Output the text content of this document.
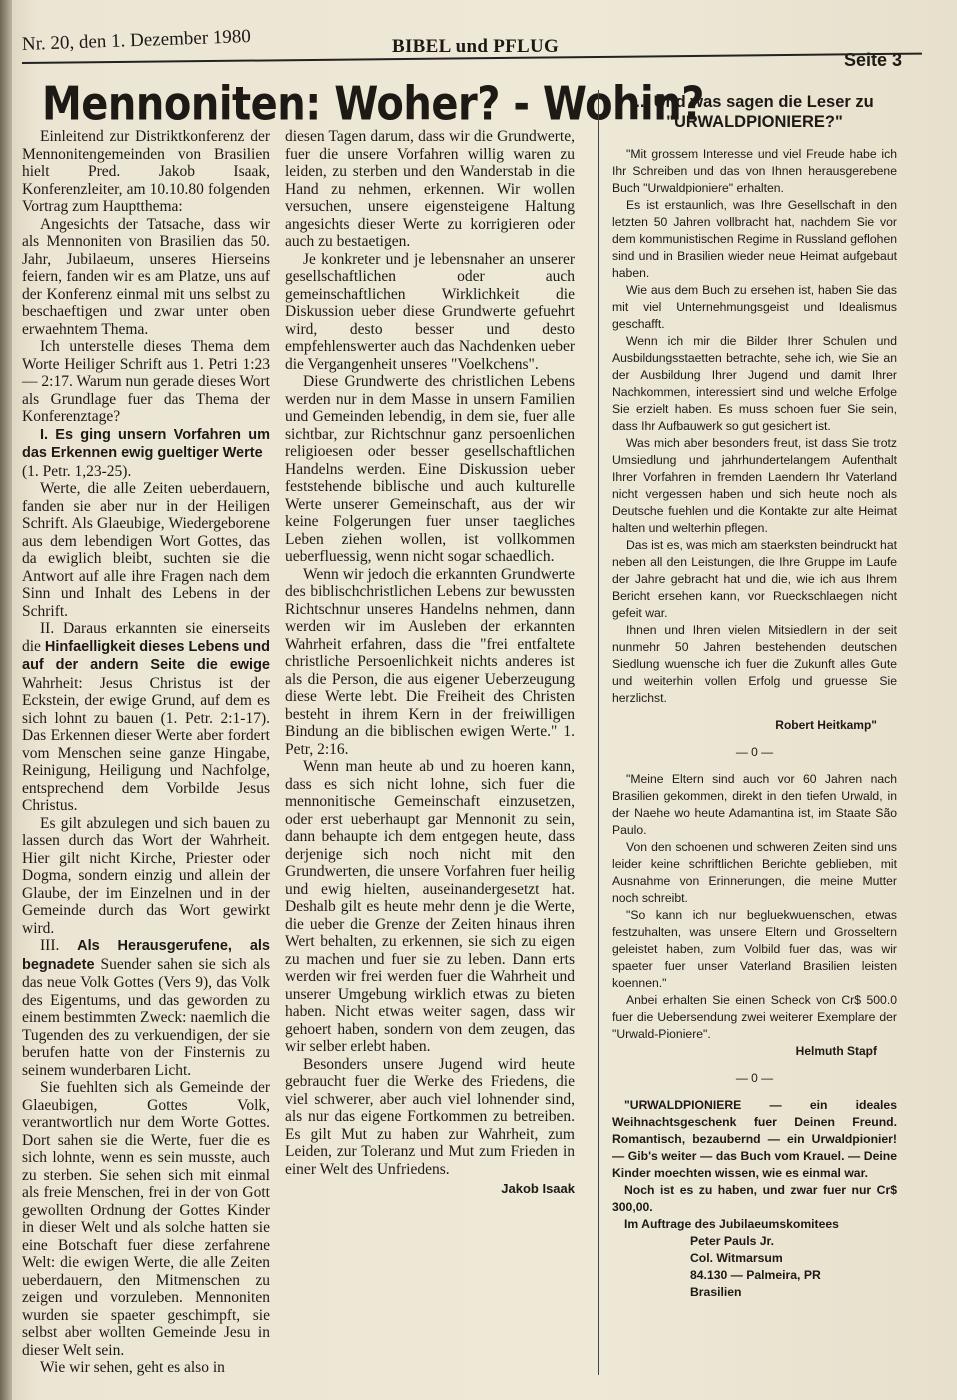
Nr. 20, den 1. Dezember 1980	BIBEL und PFLUG
Seite 3
Mennoniten: Woher? - Wohin?

Einleitend zur Distriktkonferenz der Mennonitengemeinden von Brasilien hielt Pred. Jakob Isaak, Konferenzleiter, am 10.10.80 folgenden Vortrag zum Hauptthema:

Angesichts der Tatsache, dass wir als Mennoniten von Brasilien das 50. Jahr, Jubilaeum, unseres Hierseins feiern, fanden wir es am Platze, uns auf der Konferenz einmal mit uns selbst zu beschaeftigen und zwar unter oben erwaehntem Thema.

Ich unterstelle dieses Thema dem Worte Heiliger Schrift aus 1. Petri 1:23 — 2:17. Warum nun gerade dieses Wort als Grundlage fuer das Thema der Konferenztage?

I. Es ging unsern Vorfahren um das Erkennen ewig gueltiger Werte

(1. Petr. 1,23-25).

Werte, die alle Zeiten ueberdauern, fanden sie aber nur in der Heiligen Schrift. Als Glaeubige, Wiedergeborene aus dem lebendigen Wort Gottes, das da ewiglich bleibt, suchten sie die Antwort auf alle ihre Fragen nach dem Sinn und Inhalt des Lebens in der Schrift.

II. Daraus erkannten sie einerseits die Hinfaelligkeit dieses Lebens und auf der andern Seite die ewige Wahrheit: Jesus Christus ist der Eckstein, der ewige Grund, auf dem es sich lohnt zu bauen (1. Petr. 2:1-17). Das Erkennen dieser Werte aber fordert vom Menschen seine ganze Hingabe, Reinigung, Heiligung und Nachfolge, entsprechend dem Vorbilde Jesus Christus.

Es gilt abzulegen und sich bauen zu lassen durch das Wort der Wahrheit. Hier gilt nicht Kirche, Priester oder Dogma, sondern einzig und allein der Glaube, der im Einzelnen und in der Gemeinde durch das Wort gewirkt wird.

III. Als Herausgerufene, als begnadete Suender sahen sie sich als das neue Volk Gottes (Vers 9), das Volk des Eigentums, und das geworden zu einem bestimmten Zweck: naemlich die Tugenden des zu verkuendigen, der sie berufen hatte von der Finsternis zu seinem wunderbaren Licht.

Sie fuehlten sich als Gemeinde der Glaeubigen, Gottes Volk, verantwortlich nur dem Worte Gottes. Dort sahen sie die Werte, fuer die es sich lohnte, wenn es sein musste, auch zu sterben. Sie sehen sich mit einmal als freie Menschen, frei in der von Gott gewollten Ordnung der Gottes Kinder in dieser Welt und als solche hatten sie eine Botschaft fuer diese zerfahrene Welt: die ewigen Werte, die alle Zeiten ueberdauern, den Mitmenschen zu zeigen und vorzuleben. Mennoniten wurden sie spaeter geschimpft, sie selbst aber wollten Gemeinde Jesu in dieser Welt sein.

Wie wir sehen, geht es also in

diesen Tagen darum, dass wir die Grundwerte, fuer die unsere Vorfahren willig waren zu leiden, zu sterben und den Wanderstab in die Hand zu nehmen, erkennen. Wir wollen versuchen, unsere eigensteigene Haltung angesichts dieser Werte zu korrigieren oder auch zu bestaetigen.

Je konkreter und je lebensnaher an unserer gesellschaftlichen oder auch gemeinschaftlichen Wirklichkeit die Diskussion ueber diese Grundwerte gefuehrt wird, desto besser und desto empfehlenswerter auch das Nachdenken ueber die Vergangenheit unseres "Voelkchens".

Diese Grundwerte des christlichen Lebens werden nur in dem Masse in unsern Familien und Gemeinden lebendig, in dem sie, fuer alle sichtbar, zur Richtschnur ganz persoenlichen religioesen oder besser gesellschaftlichen Handelns werden. Eine Diskussion ueber feststehende biblische und auch kulturelle Werte unserer Gemeinschaft, aus der wir keine Folgerungen fuer unser taegliches Leben ziehen wollen, ist vollkommen ueberfluessig, wenn nicht sogar schaedlich.

Wenn wir jedoch die erkannten Grundwerte des biblischchristlichen Lebens zur bewussten Richtschnur unseres Handelns nehmen, dann werden wir im Ausleben der erkannten Wahrheit erfahren, dass die "frei entfaltete christliche Persoenlichkeit nichts anderes ist als die Person, die aus eigener Ueberzeugung diese Werte lebt. Die Freiheit des Christen besteht in ihrem Kern in der freiwilligen Bindung an die biblischen ewigen Werte." 1. Petr, 2:16.

Wenn man heute ab und zu hoeren kann, dass es sich nicht lohne, sich fuer die mennonitische Gemeinschaft einzusetzen, oder erst ueberhaupt gar Mennonit zu sein, dann behaupte ich dem entgegen heute, dass derjenige sich noch nicht mit den Grundwerten, die unsere Vorfahren fuer heilig und ewig hielten, auseinandergesetzt hat. Deshalb gilt es heute mehr denn je die Werte, die ueber die Grenze der Zeiten hinaus ihren Wert behalten, zu erkennen, sie sich zu eigen zu machen und fuer sie zu leben. Dann erts werden wir frei werden fuer die Wahrheit und unserer Umgebung wirklich etwas zu bieten haben. Nicht etwas weiter sagen, dass wir gehoert haben, sondern von dem zeugen, das wir selber erlebt haben.

Besonders unsere Jugend wird heute gebraucht fuer die Werke des Friedens, die viel schwerer, aber auch viel lohnender sind, als nur das eigene Fortkommen zu betreiben. Es gilt Mut zu haben zur Wahrheit, zum Leiden, zur Toleranz und Mut zum Frieden in einer Welt des Unfriedens.

Jakob Isaak
... Und was sagen die Leser zu "URWALDPIONIERE?"

"Mit grossem Interesse und viel Freude habe ich Ihr Schreiben und das von Ihnen herausgerebene Buch "Urwaldpioniere" erhalten.

Es ist erstaunlich, was Ihre Gesellschaft in den letzten 50 Jahren vollbracht hat, nachdem Sie vor dem kommunistischen Regime in Russland geflohen sind und in Brasilien wieder neue Heimat aufgebaut haben.

Wie aus dem Buch zu ersehen ist, haben Sie das mit viel Unternehmungsgeist und Idealismus geschafft.

Wenn ich mir die Bilder Ihrer Schulen und Ausbildungsstaetten betrachte, sehe ich, wie Sie an der Ausbildung Ihrer Jugend und damit Ihrer Nachkommen, interessiert sind und welche Erfolge Sie erzielt haben. Es muss schoen fuer Sie sein, dass Ihr Aufbauwerk so gut gesichert ist.

Was mich aber besonders freut, ist dass Sie trotz Umsiedlung und jahrhundertelangem Aufenthalt Ihrer Vorfahren in fremden Laendern Ihr Vaterland nicht vergessen haben und sich heute noch als Deutsche fuehlen und die Kontakte zur alte Heimat halten und welterhin pflegen.

Das ist es, was mich am staerksten beindruckt hat neben all den Leistungen, die Ihre Gruppe im Laufe der Jahre gebracht hat und die, wie ich aus Ihrem Bericht ersehen kann, vor Rueckschlaegen nicht gefeit war.

Ihnen und Ihren vielen Mitsiedlern in der seit nunmehr 50 Jahren bestehenden deutschen Siedlung wuensche ich fuer die Zukunft alles Gute und weiterhin vollen Erfolg und gruesse Sie herzlichst.

Robert Heitkamp"
— 0 —

"Meine Eltern sind auch vor 60 Jahren nach Brasilien gekommen, direkt in den tiefen Urwald, in der Naehe wo heute Adamantina ist, im Staate São Paulo.

Von den schoenen und schweren Zeiten sind uns leider keine schriftlichen Berichte geblieben, mit Ausnahme von Erinnerungen, die meine Mutter noch schreibt.

"So kann ich nur begluekwuenschen, etwas festzuhalten, was unsere Eltern und Grosseltern geleistet haben, zum Volbild fuer das, was wir spaeter fuer unser Vaterland Brasilien leisten koennen."

Anbei erhalten Sie einen Scheck von Cr$ 500.0 fuer die Uebersendung zwei weiterer Exemplare der "Urwald-Pioniere".

Helmuth Stapf
— 0 —

"URWALDPIONIERE — ein ideales Weihnachtsgeschenk fuer Deinen Freund. Romantisch, bezaubernd — ein Urwaldpionier! — Gib's weiter — das Buch vom Krauel. — Deine Kinder moechten wissen, wie es einmal war.

Noch ist es zu haben, und zwar fuer nur Cr$ 300,00.

Im Auftrage des Jubilaeumskomitees

Peter Pauls Jr.
Col. Witmarsum
84.130 — Palmeira, PR
Brasilien
